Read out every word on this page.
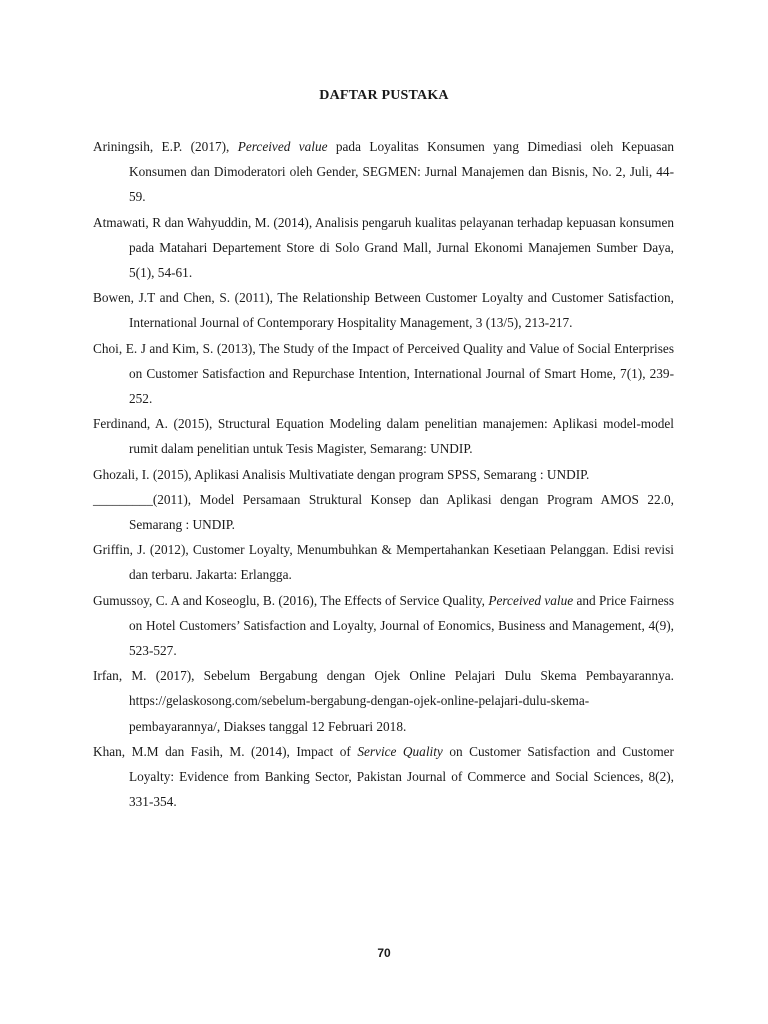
DAFTAR PUSTAKA

Ariningsih, E.P. (2017), Perceived value pada Loyalitas Konsumen yang Dimediasi oleh Kepuasan Konsumen dan Dimoderatori oleh Gender, SEGMEN: Jurnal Manajemen dan Bisnis, No. 2, Juli, 44-59.

Atmawati, R dan Wahyuddin, M. (2014), Analisis pengaruh kualitas pelayanan terhadap kepuasan konsumen pada Matahari Departement Store di Solo Grand Mall, Jurnal Ekonomi Manajemen Sumber Daya, 5(1), 54-61.

Bowen, J.T and Chen, S. (2011), The Relationship Between Customer Loyalty and Customer Satisfaction, International Journal of Contemporary Hospitality Management, 3 (13/5), 213-217.

Choi, E. J and Kim, S. (2013), The Study of the Impact of Perceived Quality and Value of Social Enterprises on Customer Satisfaction and Repurchase Intention, International Journal of Smart Home, 7(1), 239-252.

Ferdinand, A. (2015), Structural Equation Modeling dalam penelitian manajemen: Aplikasi model-model rumit dalam penelitian untuk Tesis Magister, Semarang: UNDIP.

Ghozali, I. (2015), Aplikasi Analisis Multivatiate dengan program SPSS, Semarang : UNDIP.

_________(2011), Model Persamaan Struktural Konsep dan Aplikasi dengan Program AMOS 22.0, Semarang : UNDIP.

Griffin, J. (2012), Customer Loyalty, Menumbuhkan & Mempertahankan Kesetiaan Pelanggan. Edisi revisi dan terbaru. Jakarta: Erlangga.

Gumussoy, C. A and Koseoglu, B. (2016), The Effects of Service Quality, Perceived value and Price Fairness on Hotel Customers’ Satisfaction and Loyalty, Journal of Eonomics, Business and Management, 4(9), 523-527.

Irfan, M. (2017), Sebelum Bergabung dengan Ojek Online Pelajari Dulu Skema Pembayarannya. https://gelaskosong.com/sebelum-bergabung-dengan-ojek-online-pelajari-dulu-skema-pembayarannya/, Diakses tanggal 12 Februari 2018.

Khan, M.M dan Fasih, M. (2014), Impact of Service Quality on Customer Satisfaction and Customer Loyalty: Evidence from Banking Sector, Pakistan Journal of Commerce and Social Sciences, 8(2), 331-354.

70
